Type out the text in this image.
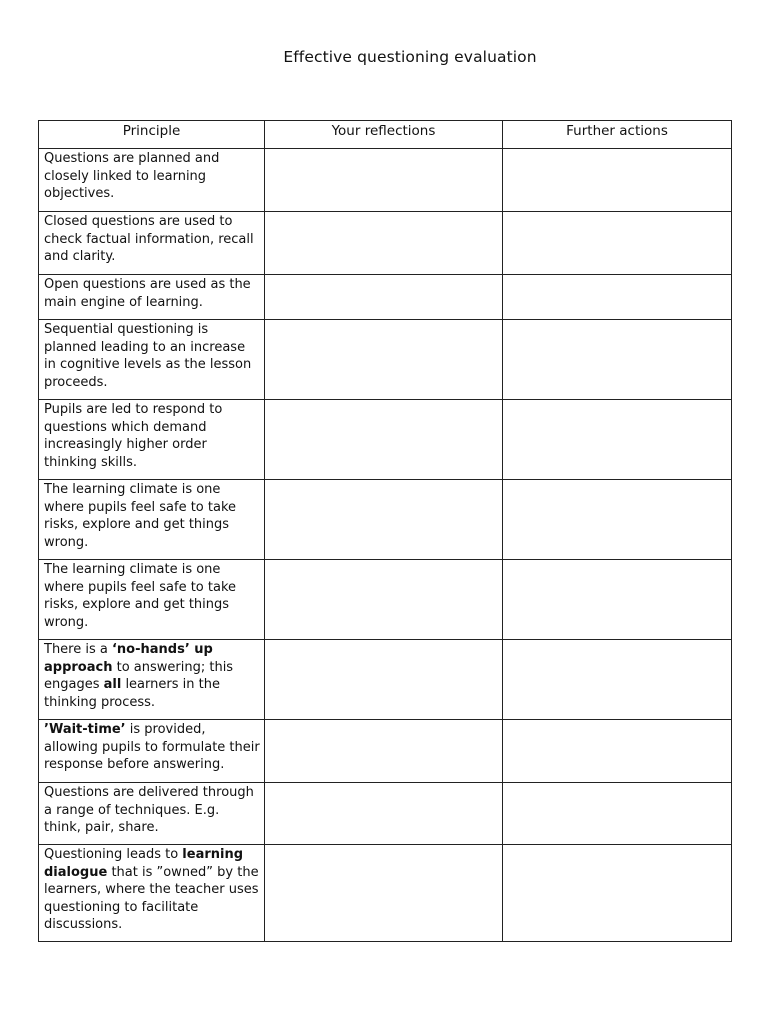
Effective questioning evaluation
Principle	Your reflections	Further actions
Questions are planned and closely linked to learning objectives.		
Closed questions are used to check factual information, recall and clarity.		
Open questions are used as the main engine of learning.		
Sequential questioning is planned leading to an increase in cognitive levels as the lesson proceeds.		
Pupils are led to respond to questions which demand increasingly higher order thinking skills.		
The learning climate is one where pupils feel safe to take risks, explore and get things wrong.		
The learning climate is one where pupils feel safe to take risks, explore and get things wrong.		
There is a ‘no-hands’ up approach to answering; this engages all learners in the thinking process.		
’Wait-time’ is provided, allowing pupils to formulate their response before answering.		
Questions are delivered through a range of techniques. E.g. think, pair, share.		
Questioning leads to learning dialogue that is ”owned” by the learners, where the teacher uses questioning to facilitate discussions.		
